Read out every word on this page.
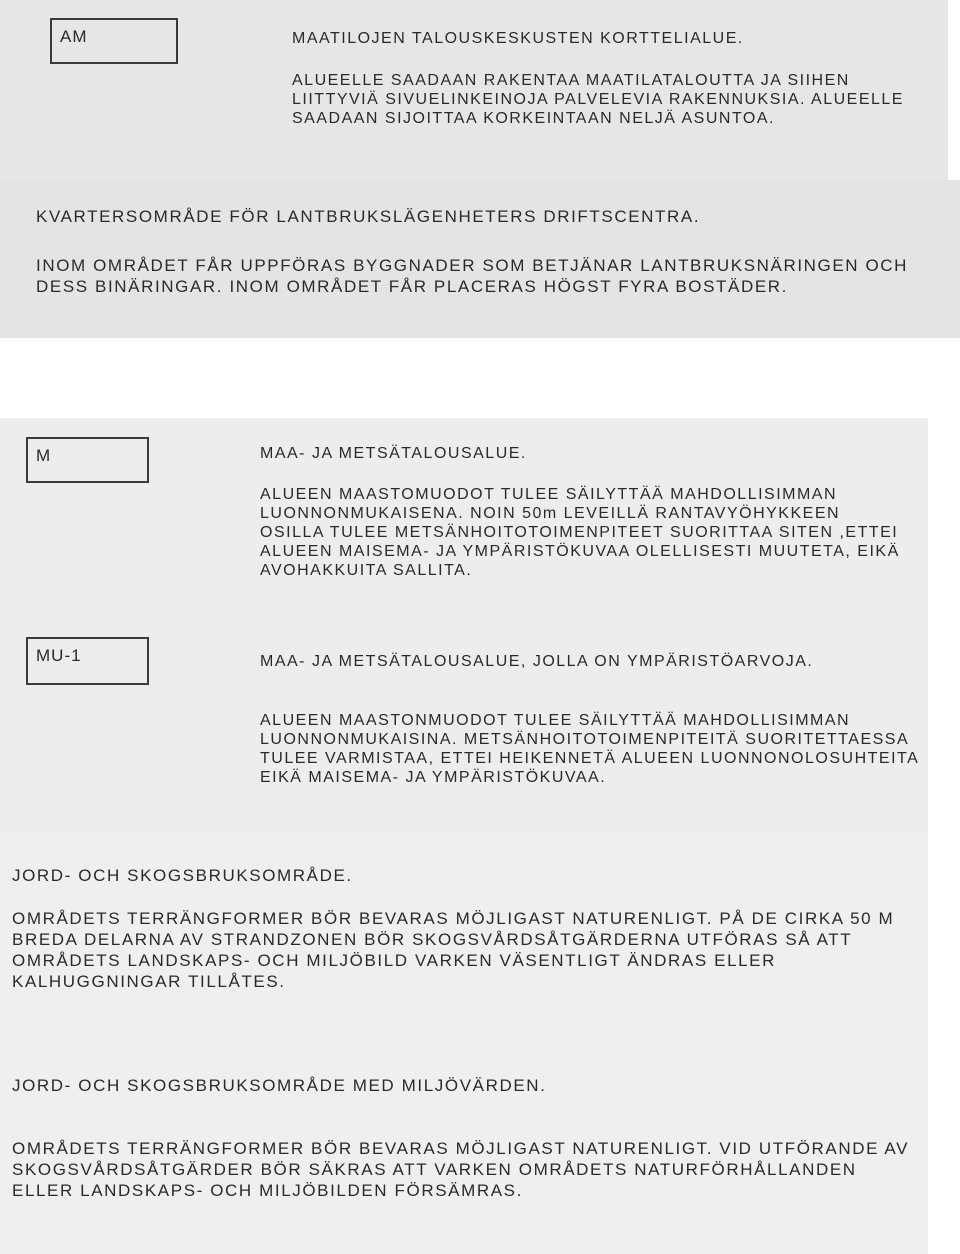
AM	MAATILOJEN TALOUSKESKUSTEN KORTTELIALUE.
ALUEELLE SAADAAN RAKENTAA MAATILATALOUTTA JA SIIHEN LIITTYVIÄ SIVUELINKEINOJA PALVELEVIA RAKENNUKSIA. ALUEELLE SAADAAN SIJOITTAA KORKEINTAAN NELJÄ ASUNTOA.
KVARTERSOMRÅDE FÖR LANTBRUKSLÄGENHETERS DRIFTSCENTRA.
INOM OMRÅDET FÅR UPPFÖRAS BYGGNADER SOM BETJÄNAR LANTBRUKSNÄRINGEN OCH DESS BINÄRINGAR. INOM OMRÅDET FÅR PLACERAS HÖGST FYRA BOSTÄDER.
M	MAA- JA METSÄTALOUSALUE.
ALUEEN MAASTOMUODOT TULEE SÄILYTTÄÄ MAHDOLLISIMMAN LUONNONMUKAISENA. NOIN 50m LEVEILLÄ RANTAVYÖHYKKEEN OSILLA TULEE METSÄNHOITOTOIMENPITEET SUORITTAA SITEN ,ETTEI ALUEEN MAISEMA- JA YMPÄRISTÖKUVAA OLELLISESTI MUUTETA, EIKÄ AVOHAKKUITA SALLITA.
MU-1	MAA- JA METSÄTALOUSALUE, JOLLA ON YMPÄRISTÖARVOJA.
ALUEEN MAASTONMUODOT TULEE SÄILYTTÄÄ MAHDOLLISIMMAN LUONNONMUKAISINA. METSÄNHOITOTOIMENPITEITÄ SUORITETTAESSA TULEE VARMISTAA, ETTEI HEIKENNETÄ ALUEEN LUONNONOLOSUHTEITA EIKÄ MAISEMA- JA YMPÄRISTÖKUVAA.
JORD- OCH SKOGSBRUKSOMRÅDE.
OMRÅDETS TERRÄNGFORMER BÖR BEVARAS MÖJLIGAST NATURENLIGT. PÅ DE CIRKA 50 M BREDA DELARNA AV STRANDZONEN BÖR SKOGSVÅRDSÅTGÄRDERNA UTFÖRAS SÅ ATT OMRÅDETS LANDSKAPS- OCH MILJÖBILD VARKEN VÄSENTLIGT ÄNDRAS ELLER KALHUGGNINGAR TILLÅTES.
JORD- OCH SKOGSBRUKSOMRÅDE MED MILJÖVÄRDEN.
OMRÅDETS TERRÄNGFORMER BÖR BEVARAS MÖJLIGAST NATURENLIGT. VID UTFÖRANDE AV SKOGSVÅRDSÅTGÄRDER BÖR SÄKRAS ATT VARKEN OMRÅDETS NATURFÖRHÅLLANDEN ELLER LANDSKAPS- OCH MILJÖBILDEN FÖRSÄMRAS.
